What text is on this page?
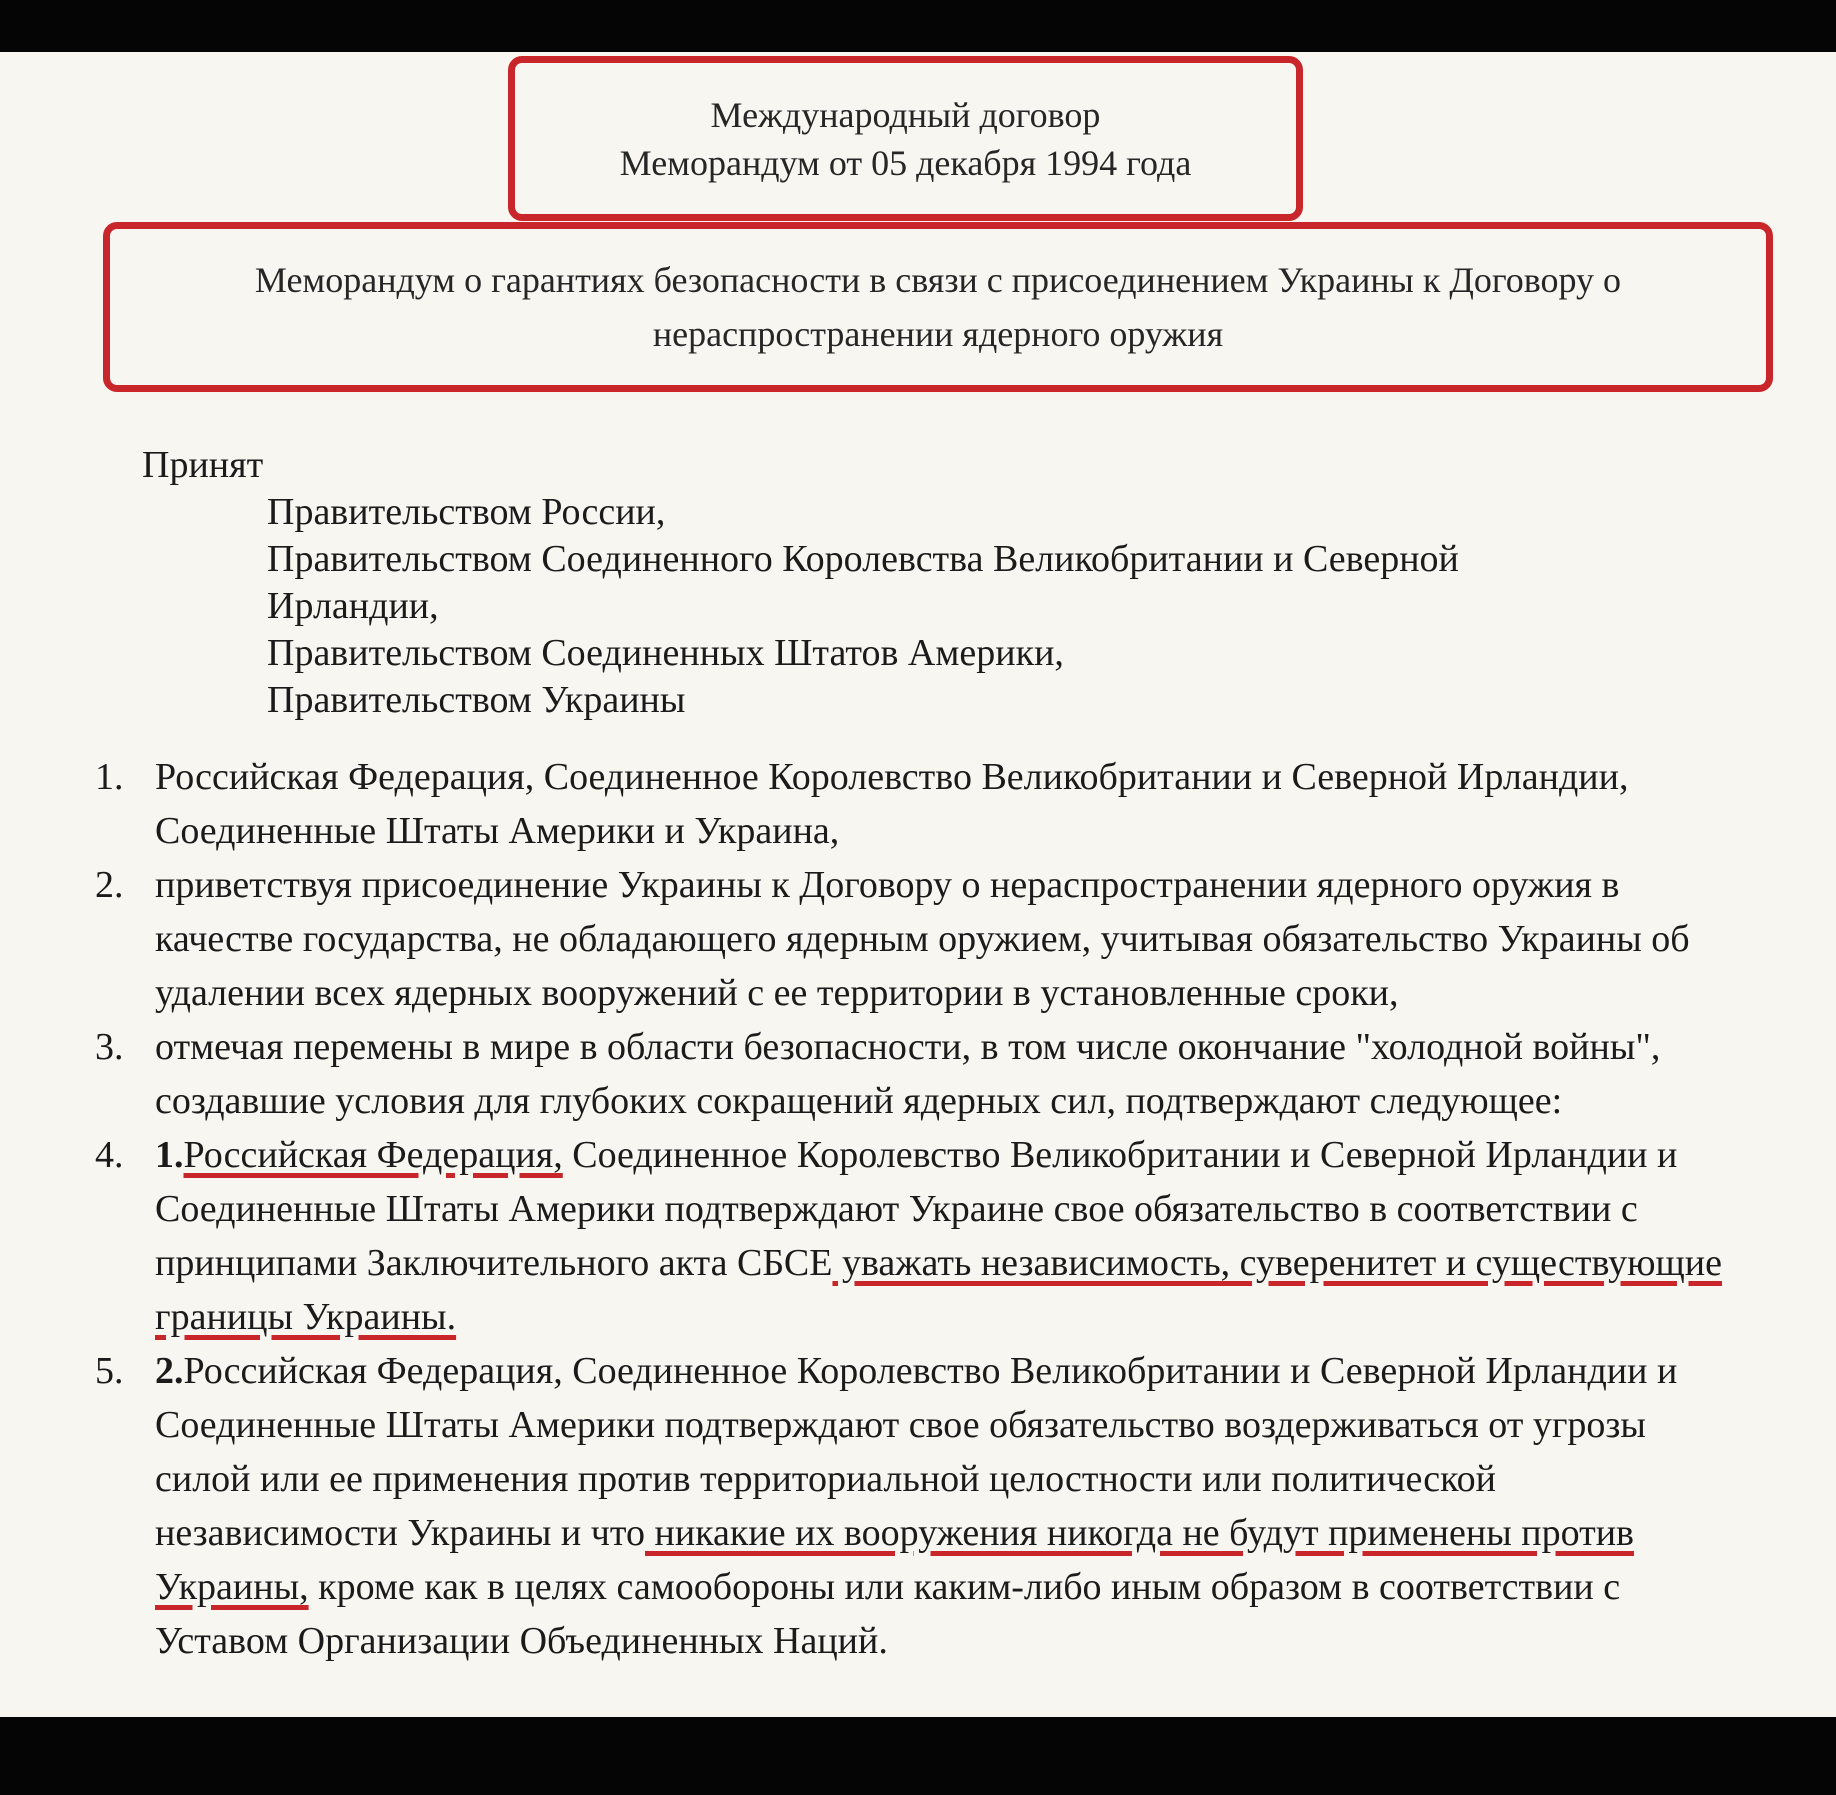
Международный договор
Меморандум от 05 декабря 1994 года
Меморандум о гарантиях безопасности в связи с присоединением Украины к Договору о
нераспространении ядерного оружия
Принят
Правительством России,
Правительством Соединенного Королевства Великобритании и Северной
Ирландии,
Правительством Соединенных Штатов Америки,
Правительством Украины
1. Российская Федерация, Соединенное Королевство Великобритании и Северной Ирландии, Соединенные Штаты Америки и Украина,
2. приветствуя присоединение Украины к Договору о нераспространении ядерного оружия в качестве государства, не обладающего ядерным оружием, учитывая обязательство Украины об удалении всех ядерных вооружений с ее территории в установленные сроки,
3. отмечая перемены в мире в области безопасности, в том числе окончание "холодной войны", создавшие условия для глубоких сокращений ядерных сил, подтверждают следующее:
4. 1.Российская Федерация, Соединенное Королевство Великобритании и Северной Ирландии и Соединенные Штаты Америки подтверждают Украине свое обязательство в соответствии с принципами Заключительного акта СБСЕ уважать независимость, суверенитет и существующие границы Украины.
5. 2.Российская Федерация, Соединенное Королевство Великобритании и Северной Ирландии и Соединенные Штаты Америки подтверждают свое обязательство воздерживаться от угрозы силой или ее применения против территориальной целостности или политической независимости Украины и что никакие их вооружения никогда не будут применены против Украины, кроме как в целях самообороны или каким-либо иным образом в соответствии с Уставом Организации Объединенных Наций.
